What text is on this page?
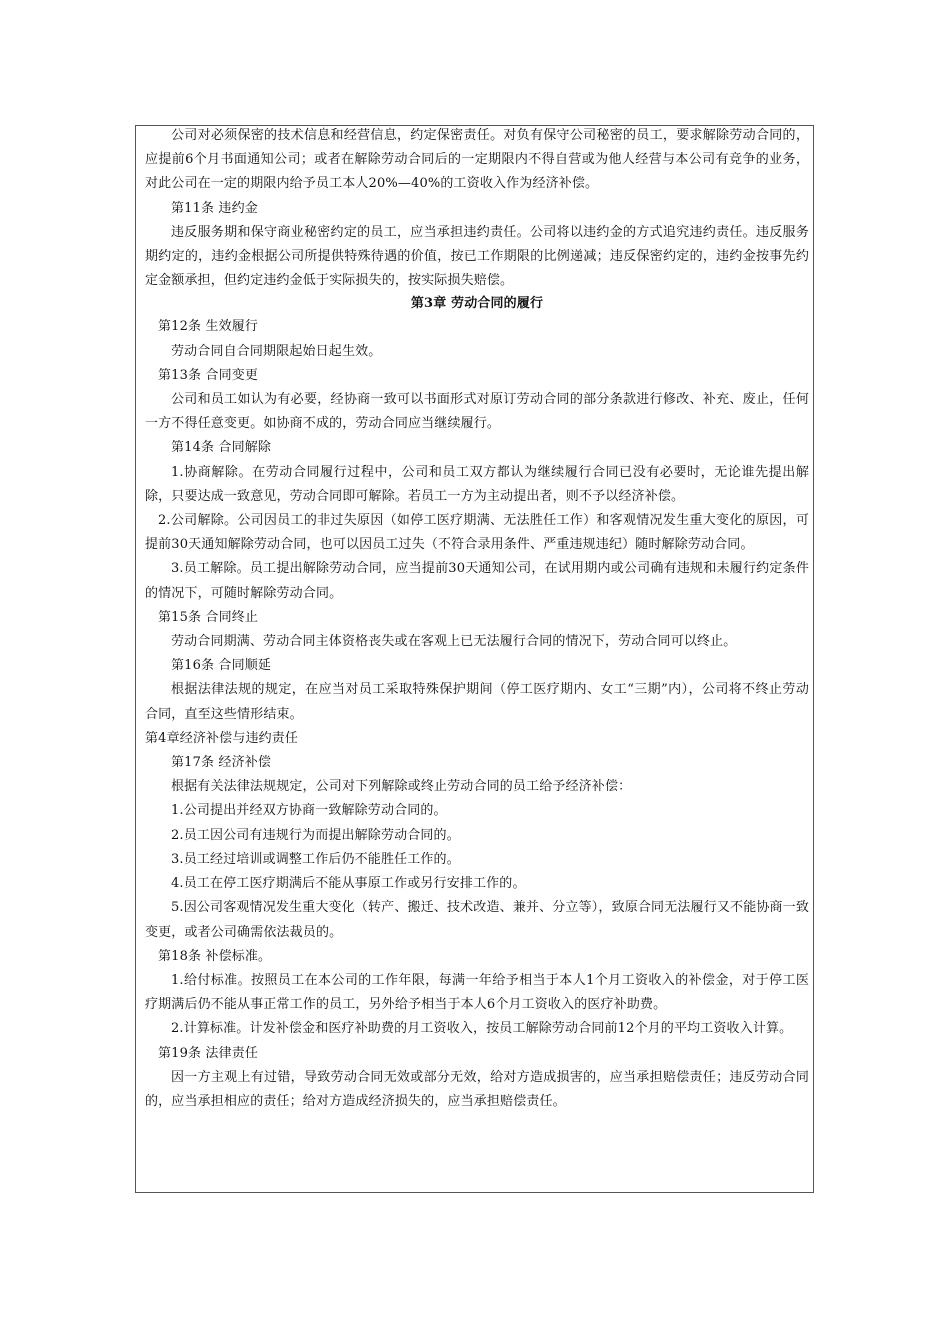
公司对必须保密的技术信息和经营信息，约定保密责任。对负有保守公司秘密的员工，要求解除劳动合同的，应提前6个月书面通知公司；或者在解除劳动合同后的一定期限内不得自营或为他人经营与本公司有竞争的业务，对此公司在一定的期限内给予员工本人20%—40%的工资收入作为经济补偿。

第11条 违约金

违反服务期和保守商业秘密约定的员工，应当承担违约责任。公司将以违约金的方式追究违约责任。违反服务期约定的，违约金根据公司所提供特殊待遇的价值，按已工作期限的比例递减；违反保密约定的，违约金按事先约定金额承担，但约定违约金低于实际损失的，按实际损失赔偿。

第3章 劳动合同的履行

第12条 生效履行

劳动合同自合同期限起始日起生效。

第13条 合同变更

公司和员工如认为有必要，经协商一致可以书面形式对原订劳动合同的部分条款进行修改、补充、废止，任何一方不得任意变更。如协商不成的，劳动合同应当继续履行。

第14条 合同解除

1.协商解除。在劳动合同履行过程中，公司和员工双方都认为继续履行合同已没有必要时，无论谁先提出解除，只要达成一致意见，劳动合同即可解除。若员工一方为主动提出者，则不予以经济补偿。

2.公司解除。公司因员工的非过失原因（如停工医疗期满、无法胜任工作）和客观情况发生重大变化的原因，可提前30天通知解除劳动合同，也可以因员工过失（不符合录用条件、严重违规违纪）随时解除劳动合同。

3.员工解除。员工提出解除劳动合同，应当提前30天通知公司，在试用期内或公司确有违规和未履行约定条件的情况下，可随时解除劳动合同。

第15条 合同终止

劳动合同期满、劳动合同主体资格丧失或在客观上已无法履行合同的情况下，劳动合同可以终止。

第16条 合同顺延

根据法律法规的规定，在应当对员工采取特殊保护期间（停工医疗期内、女工“三期”内），公司将不终止劳动合同，直至这些情形结束。

第4章经济补偿与违约责任

第17条 经济补偿

根据有关法律法规规定，公司对下列解除或终止劳动合同的员工给予经济补偿：

1.公司提出并经双方协商一致解除劳动合同的。

2.员工因公司有违规行为而提出解除劳动合同的。

3.员工经过培训或调整工作后仍不能胜任工作的。

4.员工在停工医疗期满后不能从事原工作或另行安排工作的。

5.因公司客观情况发生重大变化（转产、搬迁、技术改造、兼并、分立等），致原合同无法履行又不能协商一致变更，或者公司确需依法裁员的。

第18条 补偿标准。

1.给付标准。按照员工在本公司的工作年限，每满一年给予相当于本人1个月工资收入的补偿金，对于停工医疗期满后仍不能从事正常工作的员工，另外给予相当于本人6个月工资收入的医疗补助费。

2.计算标准。计发补偿金和医疗补助费的月工资收入，按员工解除劳动合同前12个月的平均工资收入计算。

第19条 法律责任

因一方主观上有过错，导致劳动合同无效或部分无效，给对方造成损害的，应当承担赔偿责任；违反劳动合同的，应当承担相应的责任；给对方造成经济损失的，应当承担赔偿责任。
